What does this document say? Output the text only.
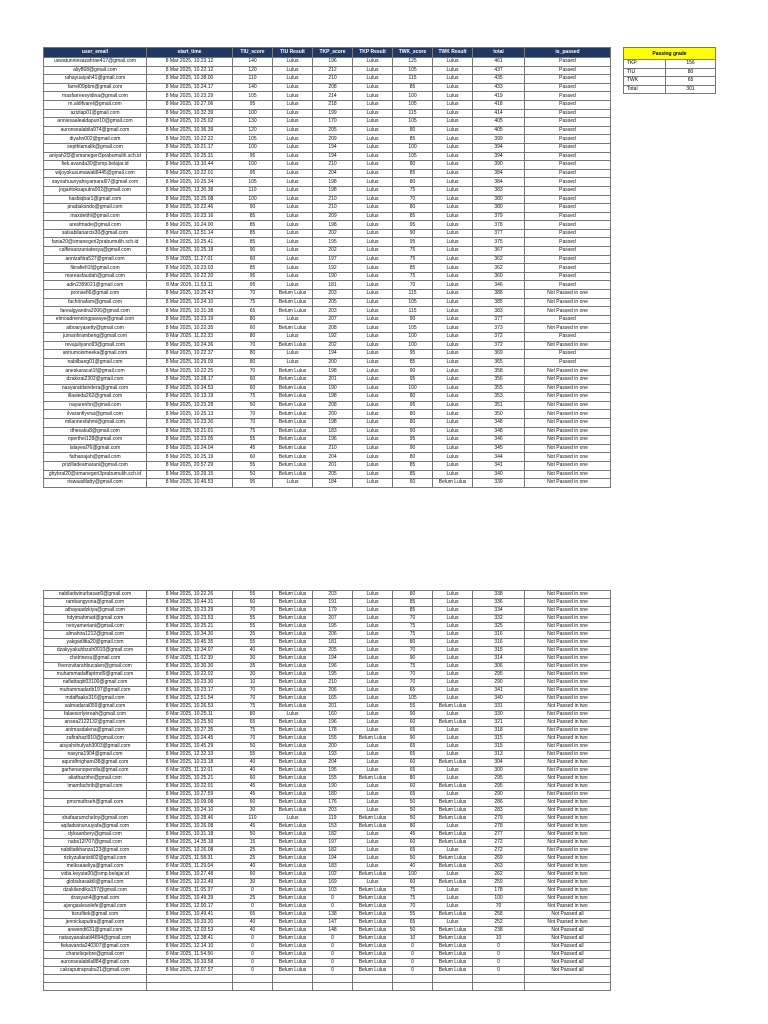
user_email	start_time	TIU_score	TIU Result	TKP_score	TKP Result	TWK_score	TWK Result	total	is_passed
uswatunniesazahrae417@gmail.com	8 Mar 2025, 10.23.12	140	Lulus	196	Lulus	125	Lulus	461	Passed
aliy868@gmail.com	8 Mar 2025, 10.22.12	120	Lulus	212	Lulus	105	Lulus	437	Passed
rahayuaiyah41@gmail.com	8 Mar 2025, 10.38.00	110	Lulus	210	Lulus	115	Lulus	435	Passed
farrel09pbm@gmail.com	8 Mar 2025, 10.24.17	140	Lulus	208	Lulus	85	Lulus	433	Passed
masfarreesyidina@gmail.com	8 Mar 2025, 10.23.29	105	Lulus	214	Lulus	100	Lulus	419	Passed
m.aldifvarel@gmail.com	8 Mar 2025, 10.27.06	95	Lulus	218	Lulus	105	Lulus	418	Passed
azizlap01@gmail.com	8 Mar 2025, 10.32.39	100	Lulus	199	Lulus	115	Lulus	414	Passed
anniesaalealdapun10@gmail.com	8 Mar 2025, 10.25.02	130	Lulus	170	Lulus	105	Lulus	405	Passed
auronsealabila974@gmail.com	8 Mar 2025, 10.36.39	120	Lulus	205	Lulus	80	Lulus	405	Passed
diyahn002@gmail.com	8 Mar 2025, 10.22.22	105	Lulus	209	Lulus	85	Lulus	399	Passed
septhiamalik@gmail.com	8 Mar 2025, 10.21.17	100	Lulus	194	Lulus	100	Lulus	394	Passed
aniyah2l3@smanegeri3prabumulih.sch.id	8 Mar 2025, 10.25.31	95	Lulus	194	Lulus	105	Lulus	394	Passed
fiek.avanda30@smp.belajar.id	8 Mar 2025, 13.10.44	100	Lulus	210	Lulus	80	Lulus	390	Passed
wijoyokusumawati6445@gmail.com	8 Mar 2025, 10.22.01	95	Lulus	204	Lulus	85	Lulus	384	Passed
sayoahuunyahsyamaral07@gmail.com	8 Mar 2025, 10.25.34	105	Lulus	198	Lulus	80	Lulus	384	Passed
jogaritoksaputra002@gmail.com	8 Mar 2025, 13.30.38	110	Lulus	198	Lulus	75	Lulus	383	Passed
hasbiqbar1@gmail.com	8 Mar 2025, 10.25.08	100	Lulus	210	Lulus	70	Lulus	380	Passed
pradiaksndo@gmail.com	8 Mar 2025, 10.22.46	90	Lulus	210	Lulus	80	Lulus	380	Passed
maxdetihl@gmail.com	8 Mar 2025, 10.23.16	85	Lulus	209	Lulus	85	Lulus	379	Passed
aresfmade@gmail.com	8 Mar 2025, 10.24.00	85	Lulus	198	Lulus	95	Lulus	378	Passed
salsabilanarcis30@gmail.com	8 Mar 2025, 12.51.14	85	Lulus	202	Lulus	90	Lulus	377	Passed
fania20@smanegeri2prabumulih.sch.id	8 Mar 2025, 10.25.41	85	Lulus	195	Lulus	95	Lulus	375	Passed
calfiesaozuniatesya@gmail.com	8 Mar 2025, 10.25.18	90	Lulus	202	Lulus	75	Lulus	367	Passed
annizafiira527@gmail.com	8 Mar 2025, 11.27.01	60	Lulus	197	Lulus	75	Lulus	362	Passed
fikrafiefi1f@gmail.com	8 Mar 2025, 10.23.03	85	Lulus	192	Lulus	85	Lulus	362	Passed
mareasfaudah@gmail.com	8 Mar 2025, 10.22.20	95	Lulus	190	Lulus	75	Lulus	360	Passed
adin2399021@gmail.com	8 Mar 2025, 11.53.11	95	Lulus	181	Lulus	70	Lulus	346	Passed
pronsefi6@gmail.com	8 Mar 2025, 10.25.43	70	Belum Lulus	203	Lulus	115	Lulus	388	Not Passed in one
fachrinafam@gmail.com	8 Mar 2025, 10.24.10	75	Belum Lulus	205	Lulus	105	Lulus	385	Not Passed in one
farealgyandra2006@gmail.com	8 Mar 2025, 10.31.38	65	Belum Lulus	203	Lulus	115	Lulus	383	Not Passed in one
elmoadrienningpavaye@gmail.com	8 Mar 2025, 10.23.19	80	Lulus	207	Lulus	90	Lulus	377	Passed
aiboaryasetty@gmail.com	8 Mar 2025, 10.22.35	60	Belum Lulus	208	Lulus	105	Lulus	373	Not Passed in one
jumanhrambeng@gmail.com	8 Mar 2025, 11.22.33	80	Lulus	192	Lulus	100	Lulus	372	Passed
revajuliyano93@gmail.com	8 Mar 2025, 10.24.36	70	Belum Lulus	202	Lulus	100	Lulus	372	Not Passed in one
annumoismeeka@gmail.com	8 Mar 2025, 10.22.37	80	Lulus	194	Lulus	95	Lulus	369	Passed
nabilbang01@gmail.com	8 Mar 2025, 10.29.09	80	Lulus	200	Lulus	85	Lulus	365	Passed
aneskaracat1f@gmail.com	8 Mar 2025, 10.22.25	70	Belum Lulus	198	Lulus	90	Lulus	358	Not Passed in one
dzakizai2302@gmail.com	8 Mar 2025, 10.28.17	60	Belum Lulus	201	Lulus	95	Lulus	356	Not Passed in one
nasyaratdsindera@gmail.com	8 Mar 2025, 10.34.53	60	Belum Lulus	190	Lulus	100	Lulus	355	Not Passed in one
illasleda262@gmail.com	8 Mar 2025, 10.13.19	75	Belum Lulus	198	Lulus	80	Lulus	353	Not Passed in one
nayarenhn@gmail.com	8 Mar 2025, 10.23.28	50	Belum Lulus	208	Lulus	95	Lulus	351	Not Passed in one
ilvaranfiyvna@gmail.com	8 Mar 2025, 10.25.13	70	Belum Lulus	200	Lulus	80	Lulus	350	Not Passed in one
milannesfahmi@gmail.com	8 Mar 2025, 10.23.30	70	Belum Lulus	198	Lulus	80	Lulus	348	Not Passed in one
dhesaku8@gmail.com	8 Mar 2025, 10.21.01	75	Belum Lulus	183	Lulus	90	Lulus	348	Not Passed in one
nperthei128@gmail.com	8 Mar 2025, 10.23.05	55	Belum Lulus	196	Lulus	95	Lulus	346	Not Passed in one
lalayeal76@gmail.com	8 Mar 2025, 10.24.04	45	Belum Lulus	210	Lulus	90	Lulus	345	Not Passed in one
fathanajah@gmail.com	8 Mar 2025, 10.25.19	60	Belum Lulus	204	Lulus	80	Lulus	344	Not Passed in one
prizilladeamarani@gmail.com	8 Mar 2025, 20.57.29	55	Belum Lulus	201	Lulus	85	Lulus	341	Not Passed in one
ghybral20@smanegeri3prabumulih.sch.id	8 Mar 2025, 10.29.15	50	Belum Lulus	205	Lulus	85	Lulus	340	Not Passed in one
riswaadilatty@gmail.com	8 Mar 2025, 10.46.53	95	Lulus	184	Lulus	60	Belum Lulus	339	Not Passed in one
Passing grade	
TKP	156
TIU	80
TWK	65
Total	301
nabiladwinurbasari0@gmail.com	8 Mar 2025, 10.22.26	55	Belum Lulus	203	Lulus	80	Lulus	338	Not Passed in one
rambangyona@gmail.com	8 Mar 2025, 10.44.31	60	Belum Lulus	191	Lulus	85	Lulus	336	Not Passed in one
athayaadzkiya@gmail.com	8 Mar 2025, 10.23.29	70	Belum Lulus	179	Lulus	85	Lulus	334	Not Passed in one
hdyimahmad@gmail.com	8 Mar 2025, 10.23.53	55	Belum Lulus	207	Lulus	70	Lulus	332	Not Passed in one
nexyameriani@gmail.com	8 Mar 2025, 10.25.21	55	Belum Lulus	195	Lulus	75	Lulus	325	Not Passed in one
almahira1212@gmail.com	8 Mar 2025, 10.34.30	35	Belum Lulus	206	Lulus	75	Lulus	316	Not Passed in one
yakgadiltia20@gmail.com	8 Mar 2025, 10.45.35	55	Belum Lulus	181	Lulus	80	Lulus	316	Not Passed in one
dzakyyakuhbzah0010@gmail.com	8 Mar 2025, 10.34.07	40	Belum Lulus	205	Lulus	70	Lulus	315	Not Passed in one
chelrinesu@gmail.com	8 Mar 2025, 11.02.39	30	Belum Lulus	194	Lulus	90	Lulus	314	Not Passed in one
fivenovitarahbucalen@gmail.com	8 Mar 2025, 10.30.30	35	Belum Lulus	196	Lulus	75	Lulus	306	Not Passed in one
muhammadaffaptrnd9@gmail.com	8 Mar 2025, 10.22.02	30	Belum Lulus	195	Lulus	70	Lulus	295	Not Passed in one
nafiattaqiti03100@gmail.com	8 Mar 2025, 10.23.30	10	Belum Lulus	210	Lulus	70	Lulus	290	Not Passed in one
muhammadarib197@gmail.com	8 Mar 2025, 10.23.17	70	Belum Lulus	206	Lulus	65	Lulus	341	Not Passed in one
mdaffaaks316@gmail.com	8 Mar 2025, 12.51.54	70	Belum Lulus	165	Lulus	105	Lulus	340	Not Passed in one
salmadarai059@gmail.com	8 Mar 2025, 10.26.53	75	Belum Lulus	201	Lulus	55	Belum Lulus	331	Not Passed in two
falaesorlyereah@gmail.com	8 Mar 2025, 10.25.11	80	Lulus	160	Lulus	90	Lulus	330	Not Passed in one
ansea2122132@gmail.com	8 Mar 2025, 10.25.50	65	Belum Lulus	196	Lulus	60	Belum Lulus	321	Not Passed in two
animasdalena@gmail.com	8 Mar 2025, 10.27.35	75	Belum Lulus	178	Lulus	65	Lulus	318	Not Passed in one
zafirahazl910@gmail.com	8 Mar 2025, 10.24.45	70	Belum Lulus	155	Belum Lulus	90	Lulus	315	Not Passed in two
aisyahshufyah3003@gmail.com	8 Mar 2025, 10.45.29	50	Belum Lulus	200	Lulus	65	Lulus	315	Not Passed in one
nasyna1904@gmail.com	8 Mar 2025, 12.32.33	55	Belum Lulus	193	Lulus	65	Lulus	313	Not Passed in one
aqundhrighami38@gmail.com	8 Mar 2025, 10.23.18	40	Belum Lulus	204	Lulus	60	Belum Lulus	304	Not Passed in two
garhenanopendia@gmail.com	8 Mar 2025, 11.32.01	40	Belum Lulus	195	Lulus	65	Lulus	300	Not Passed in one
aliathazirhe@gmail.com	8 Mar 2025, 10.25.21	60	Belum Lulus	155	Belum Lulus	80	Lulus	295	Not Passed in two
imamfachrib@gmail.com	8 Mar 2025, 10.22.01	45	Belum Lulus	190	Lulus	60	Belum Lulus	295	Not Passed in two
	8 Mar 2025, 10.27.59	45	Belum Lulus	180	Lulus	65	Lulus	290	Not Passed in one
pmcmuthseh@gmail.com	8 Mar 2025, 10.09.08	60	Belum Lulus	176	Lulus	50	Belum Lulus	286	Not Passed in two
	8 Mar 2025, 10.24.10	30	Belum Lulus	203	Lulus	50	Belum Lulus	283	Not Passed in two
shafaarumcheloy@gmail.com	8 Mar 2025, 10.28.46	110	Lulus	119	Belum Lulus	50	Belum Lulus	279	Not Passed in two
aqiladwinuruuyafa@gmail.com	8 Mar 2025, 10.26.08	45	Belum Lulus	153	Belum Lulus	80	Lulus	278	Not Passed in two
dykaanbery@gmail.com	8 Mar 2025, 10.31.18	50	Belum Lulus	182	Lulus	45	Belum Lulus	277	Not Passed in two
nabs12l707@gmail.com	8 Mar 2025, 14.35.18	15	Belum Lulus	197	Lulus	60	Belum Lulus	272	Not Passed in two
nabiltatkhanza123@gmail.com	8 Mar 2025, 10.26.08	25	Belum Lulus	182	Lulus	65	Lulus	272	Not Passed in one
rizkyzulianisti02@gmail.com	8 Mar 2025, 11.58.31	25	Belum Lulus	194	Lulus	50	Belum Lulus	269	Not Passed in two
melksaaeliya@gmail.com	8 Mar 2025, 11.29.04	40	Belum Lulus	183	Lulus	40	Belum Lulus	263	Not Passed in two
vidia.keyuta00@smp.belajar.id	8 Mar 2025, 10.27.48	60	Belum Lulus	102	Belum Lulus	100	Lulus	262	Not Passed in two
globalrasaktli@gmail.com	8 Mar 2025, 10.22.49	30	Belum Lulus	169	Lulus	60	Belum Lulus	259	Not Passed in two
dzakilandika157@gmail.com	8 Mar 2025, 11.05.37	0	Belum Lulus	103	Belum Lulus	75	Lulus	178	Not Passed in two
drasyan4@gmail.com	8 Mar 2025, 10.49.39	25	Belum Lulus	0	Belum Lulus	75	Lulus	100	Not Passed in two
ajengasleaolefe@gmail.com	8 Mar 2025, 12.00.17	0	Belum Lulus	0	Belum Lulus	70	Lulus	70	Not Passed in two
tisrufitek@gmail.com	8 Mar 2025, 10.49.41	65	Belum Lulus	138	Belum Lulus	55	Belum Lulus	258	Not Passed all
jennickapuitra@gmail.com	8 Mar 2025, 10.33.20	40	Belum Lulus	147	Belum Lulus	65	Lulus	252	Not Passed in two
anwendi631@gmail.com	8 Mar 2025, 12.03.53	40	Belum Lulus	148	Belum Lulus	50	Belum Lulus	238	Not Passed all
natasyaealsatil4894@gmail.com	8 Mar 2025, 12.38.41	0	Belum Lulus	0	Belum Lulus	10	Belum Lulus	10	Not Passed all
fiekavanda240307@gmail.com	8 Mar 2025, 12.14.10	0	Belum Lulus	0	Belum Lulus	0	Belum Lulus	0	Not Passed all
chanelsqebre@gmail.com	8 Mar 2025, 11.54.56	0	Belum Lulus	0	Belum Lulus	0	Belum Lulus	0	Not Passed all
auronsealabila884@gmail.com	8 Mar 2025, 10.33.58	0	Belum Lulus	0	Belum Lulus	0	Belum Lulus	0	Not Passed all
cakraputraprabu21@gmail.com	8 Mar 2025, 12.07.57	0	Belum Lulus	0	Belum Lulus	0	Belum Lulus	0	Not Passed all
